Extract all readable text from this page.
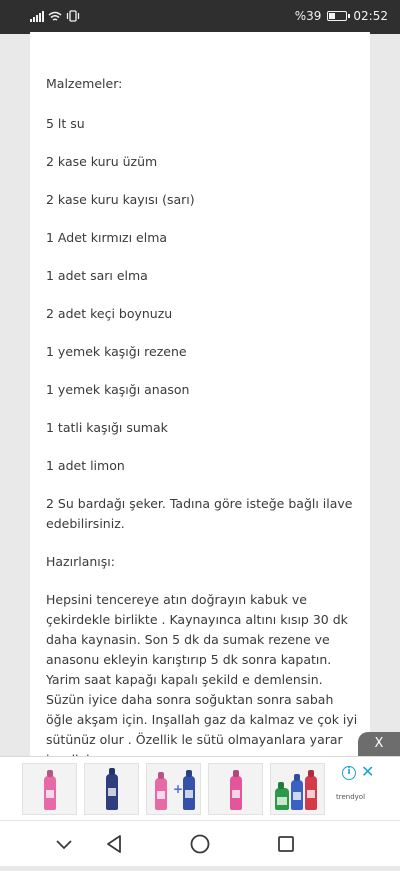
%39	02:52

Malzemeler:

5 lt su

2 kase kuru üzüm

2 kase kuru kayısı (sarı)

1 Adet kırmızı elma

1 adet sarı elma

2 adet keçi boynuzu

1 yemek kaşığı rezene

1 yemek kaşığı anason

1 tatli kaşığı sumak

1 adet limon

2 Su bardağı şeker. Tadına göre isteğe bağlı ilave edebilirsiniz.

Hazırlanışı:

Hepsini tencereye atın doğrayın kabuk ve çekirdekle birlikte . Kaynayınca altını kısıp 30 dk daha kaynasin. Son 5 dk da sumak rezene ve anasonu ekleyin karıştırıp 5 dk sonra kapatın. Yarim saat kapağı kapalı şekild e demlensin. Süzün iyice daha sonra soğuktan sonra sabah öğle akşam için. Inşallah gaz da kalmaz ve çok iyi sütünüz olur . Özellik le sütü olmayanlara yarar	X
+
i ✕
trendyol
